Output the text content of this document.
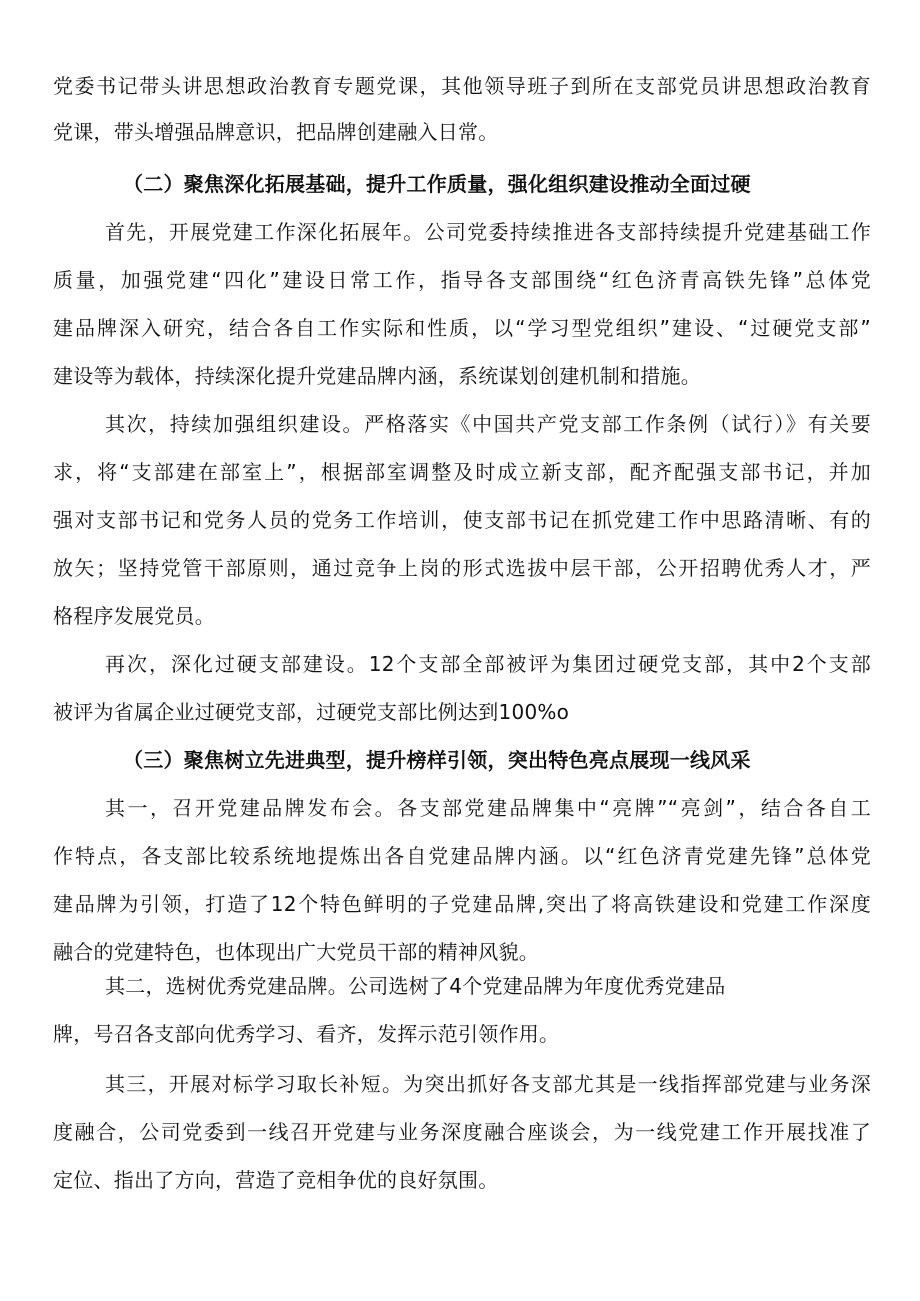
党委书记带头讲思想政治教育专题党课，其他领导班子到所在支部党员讲思想政治教育
党课，带头增强品牌意识，把品牌创建融入日常。
（二）聚焦深化拓展基础，提升工作质量，强化组织建设推动全面过硬
首先，开展党建工作深化拓展年。公司党委持续推进各支部持续提升党建基础工作
质量，加强党建“四化”建设日常工作，指导各支部围绕“红色济青高铁先锋”总体党
建品牌深入研究，结合各自工作实际和性质，以“学习型党组织”建设、“过硬党支部”
建设等为载体，持续深化提升党建品牌内涵，系统谋划创建机制和措施。
其次，持续加强组织建设。严格落实《中国共产党支部工作条例（试行）》有关要
求，将“支部建在部室上”，根据部室调整及时成立新支部，配齐配强支部书记，并加
强对支部书记和党务人员的党务工作培训，使支部书记在抓党建工作中思路清晰、有的
放矢；坚持党管干部原则，通过竞争上岗的形式选拔中层干部，公开招聘优秀人才，严
格程序发展党员。
再次，深化过硬支部建设。12个支部全部被评为集团过硬党支部，其中2个支部
被评为省属企业过硬党支部，过硬党支部比例达到100%o
（三）聚焦树立先进典型，提升榜样引领，突出特色亮点展现一线风采
其一，召开党建品牌发布会。各支部党建品牌集中“亮牌”“亮剑”，结合各自工
作特点，各支部比较系统地提炼出各自党建品牌内涵。以“红色济青党建先锋”总体党
建品牌为引领，打造了12个特色鲜明的子党建品牌,突出了将高铁建设和党建工作深度
融合的党建特色，也体现出广大党员干部的精神风貌。
其二，选树优秀党建品牌。公司选树了4个党建品牌为年度优秀党建品
牌，号召各支部向优秀学习、看齐，发挥示范引领作用。
其三，开展对标学习取长补短。为突出抓好各支部尤其是一线指挥部党建与业务深
度融合，公司党委到一线召开党建与业务深度融合座谈会，为一线党建工作开展找准了
定位、指出了方向，营造了竞相争优的良好氛围。
